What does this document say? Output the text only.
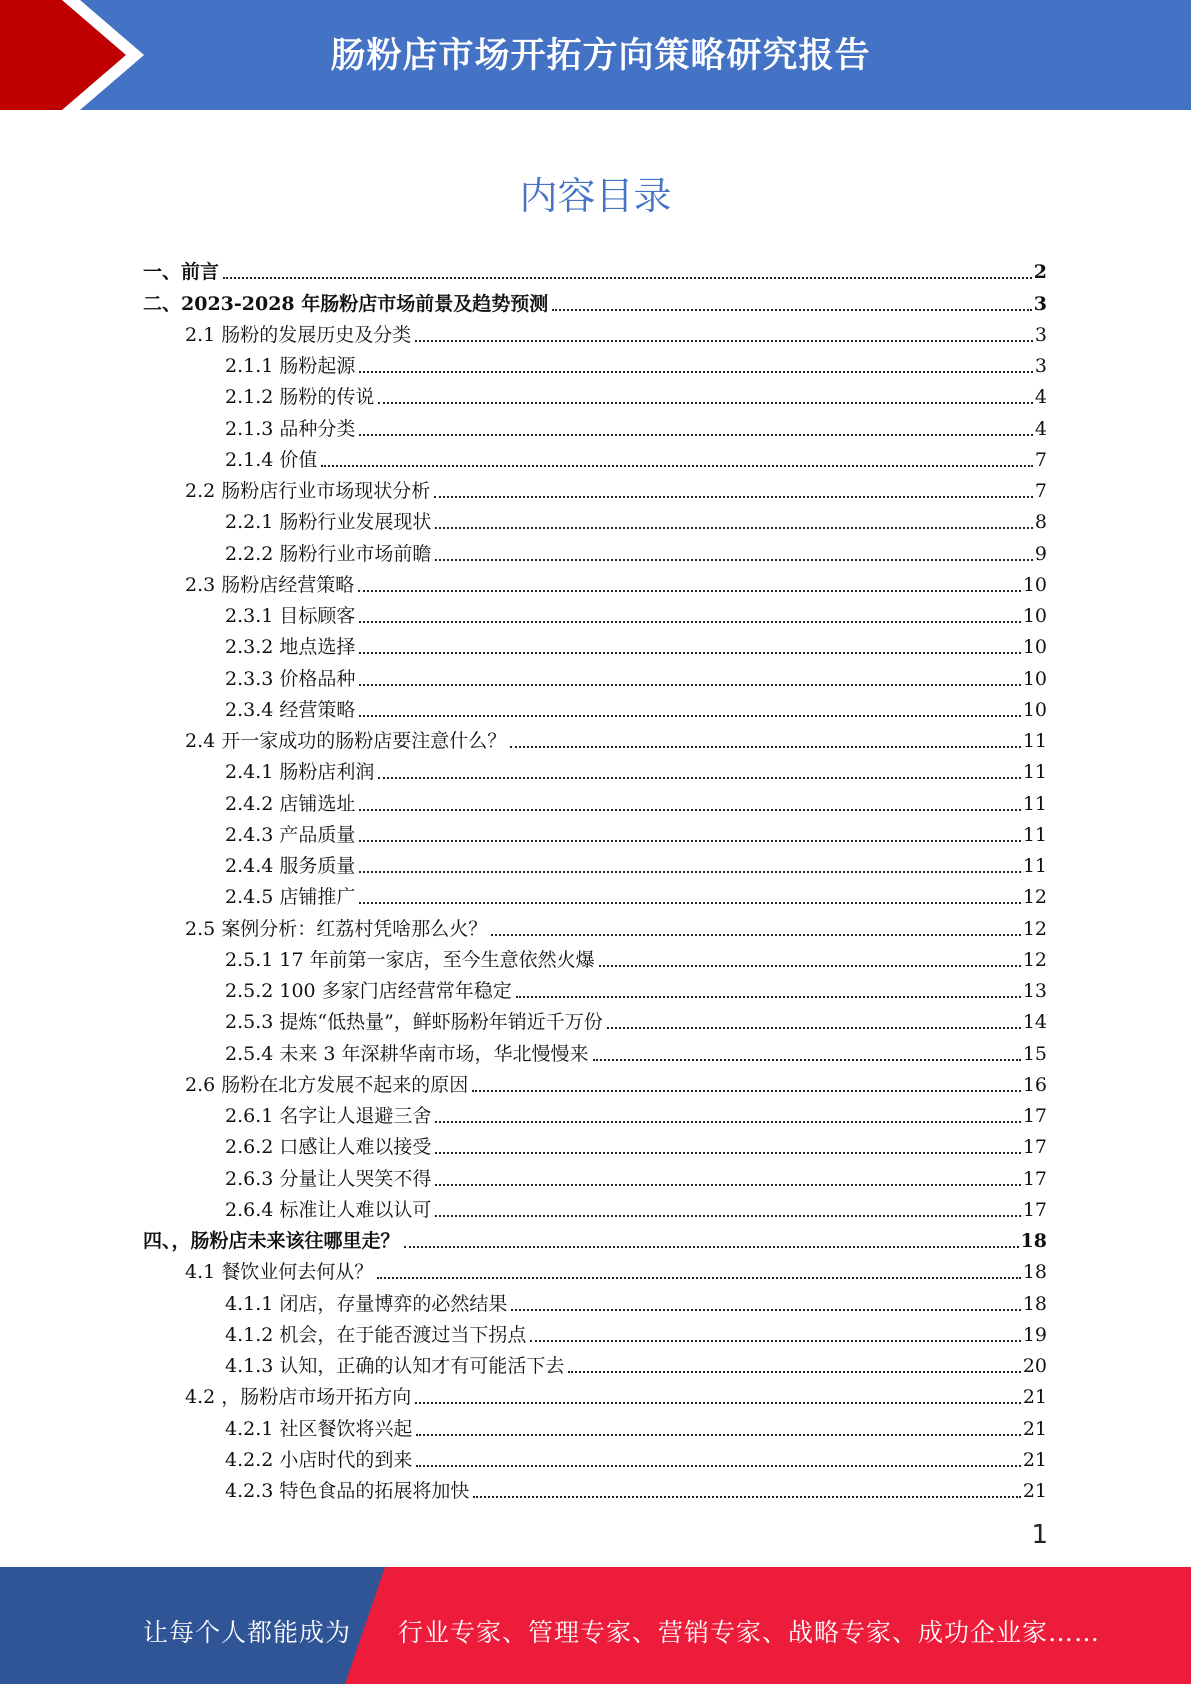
肠粉店市场开拓方向策略研究报告
内容目录
一、前言	2
二、2023-2028 年肠粉店市场前景及趋势预测	3
2.1 肠粉的发展历史及分类	3
2.1.1 肠粉起源	3
2.1.2 肠粉的传说	4
2.1.3 品种分类	4
2.1.4 价值	7
2.2 肠粉店行业市场现状分析	7
2.2.1 肠粉行业发展现状	8
2.2.2 肠粉行业市场前瞻	9
2.3 肠粉店经营策略	10
2.3.1 目标顾客	10
2.3.2 地点选择	10
2.3.3 价格品种	10
2.3.4 经营策略	10
2.4 开一家成功的肠粉店要注意什么？	11
2.4.1 肠粉店利润	11
2.4.2 店铺选址	11
2.4.3 产品质量	11
2.4.4 服务质量	11
2.4.5 店铺推广	12
2.5 案例分析：红荔村凭啥那么火？	12
2.5.1 17 年前第一家店，至今生意依然火爆	12
2.5.2 100 多家门店经营常年稳定	13
2.5.3 提炼“低热量”，鲜虾肠粉年销近千万份	14
2.5.4 未来 3 年深耕华南市场，华北慢慢来	15
2.6 肠粉在北方发展不起来的原因	16
2.6.1 名字让人退避三舍	17
2.6.2 口感让人难以接受	17
2.6.3 分量让人哭笑不得	17
2.6.4 标准让人难以认可	17
四、，肠粉店未来该往哪里走？	18
4.1 餐饮业何去何从？	18
4.1.1 闭店，存量博弈的必然结果	18
4.1.2 机会，在于能否渡过当下拐点	19
4.1.3 认知，正确的认知才有可能活下去	20
4.2 ，肠粉店市场开拓方向	21
4.2.1 社区餐饮将兴起	21
4.2.2 小店时代的到来	21
4.2.3 特色食品的拓展将加快	21
1
让每个人都能成为 行业专家、管理专家、营销专家、战略专家、成功企业家……
